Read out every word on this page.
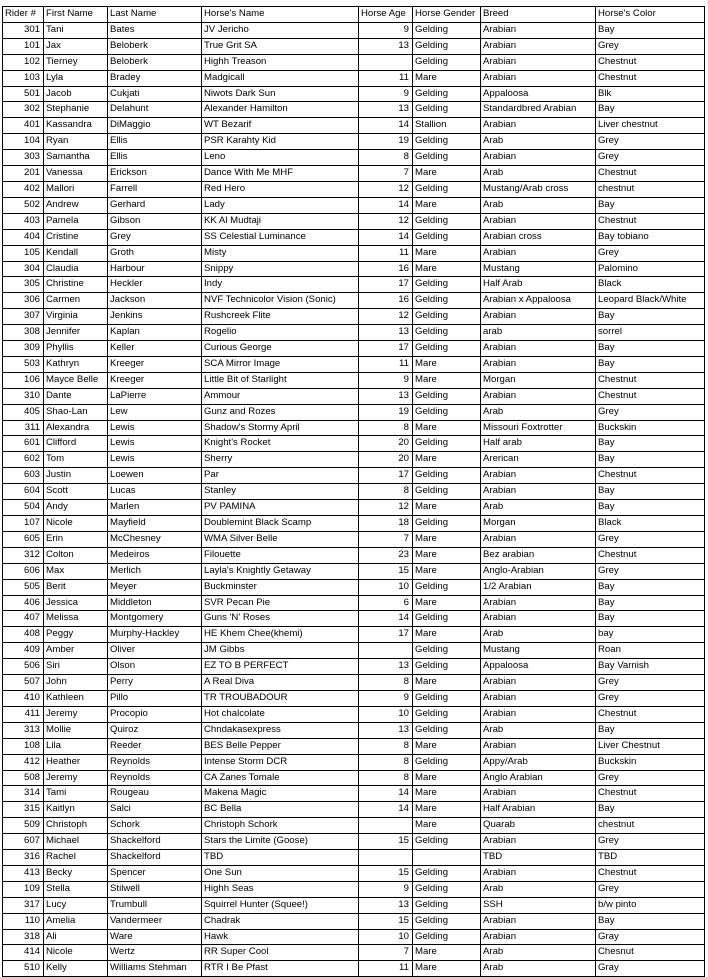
Rider #	First Name	Last Name	Horse's Name	Horse Age	Horse Gender	Breed	Horse's Color
301	Tani	Bates	JV Jericho	9	Gelding	Arabian	Bay
101	Jax	Beloberk	True Grit SA	13	Gelding	Arabian	Grey
102	Tierney	Beloberk	Highh Treason		Gelding	Arabian	Chestnut
103	Lyla	Bradey	Madgicall	11	Mare	Arabian	Chestnut
501	Jacob	Cukjati	Niwots Dark Sun	9	Gelding	Appaloosa	Blk
302	Stephanie	Delahunt	Alexander Hamilton	13	Gelding	Standardbred Arabian	Bay
401	Kassandra	DiMaggio	WT Bezarif	14	Stallion	Arabian	Liver chestnut
104	Ryan	Ellis	PSR Karahty Kid	19	Gelding	Arab	Grey
303	Samantha	Ellis	Leno	8	Gelding	Arabian	Grey
201	Vanessa	Erickson	Dance With Me MHF	7	Mare	Arab	Chestnut
402	Mallori	Farrell	Red Hero	12	Gelding	Mustang/Arab cross	chestnut
502	Andrew	Gerhard	Lady	14	Mare	Arab	Bay
403	Pamela	Gibson	KK Al Mudtaji	12	Gelding	Arabian	Chestnut
404	Cristine	Grey	SS Celestial Luminance	14	Gelding	Arabian cross	Bay tobiano
105	Kendall	Groth	Misty	11	Mare	Arabian	Grey
304	Claudia	Harbour	Snippy	16	Mare	Mustang	Palomino
305	Christine	Heckler	Indy	17	Gelding	Half Arab	Black
306	Carmen	Jackson	NVF Technicolor Vision (Sonic)	16	Gelding	Arabian x Appaloosa	Leopard Black/White
307	Virginia	Jenkins	Rushcreek Flite	12	Gelding	Arabian	Bay
308	Jennifer	Kaplan	Rogelio	13	Gelding	arab	sorrel
309	Phyllis	Keller	Curious George	17	Gelding	Arabian	Bay
503	Kathryn	Kreeger	SCA Mirror Image	11	Mare	Arabian	Bay
106	Mayce Belle	Kreeger	Little Bit of Starlight	9	Mare	Morgan	Chestnut
310	Dante	LaPierre	Ammour	13	Gelding	Arabian	Chestnut
405	Shao-Lan	Lew	Gunz and Rozes	19	Gelding	Arab	Grey
311	Alexandra	Lewis	Shadow's Stormy April	8	Mare	Missouri Foxtrotter	Buckskin
601	Clifford	Lewis	Knight's Rocket	20	Gelding	Half arab	Bay
602	Tom	Lewis	Sherry	20	Mare	Arerican	Bay
603	Justin	Loewen	Par	17	Gelding	Arabian	Chestnut
604	Scott	Lucas	Stanley	8	Gelding	Arabian	Bay
504	Andy	Marlen	PV PAMINA	12	Mare	Arab	Bay
107	Nicole	Mayfield	Doublemint Black Scamp	18	Gelding	Morgan	Black
605	Erin	McChesney	WMA Silver Belle	7	Mare	Arabian	Grey
312	Colton	Medeiros	Filouette	23	Mare	Bez arabian	Chestnut
606	Max	Merlich	Layla's Knightly Getaway	15	Mare	Anglo-Arabian	Grey
505	Berit	Meyer	Buckminster	10	Gelding	1/2 Arabian	Bay
406	Jessica	Middleton	SVR Pecan Pie	6	Mare	Arabian	Bay
407	Melissa	Montgomery	Guns 'N' Roses	14	Gelding	Arabian	Bay
408	Peggy	Murphy-Hackley	HE Khem Chee(khemi)	17	Mare	Arab	bay
409	Amber	Oliver	JM Gibbs		Gelding	Mustang	Roan
506	Siri	Olson	EZ TO B PERFECT	13	Gelding	Appaloosa	Bay Varnish
507	John	Perry	A Real Diva	8	Mare	Arabian	Grey
410	Kathleen	Pillo	TR TROUBADOUR	9	Gelding	Arabian	Grey
411	Jeremy	Procopio	Hot chalcolate	10	Gelding	Arabian	Chestnut
313	Mollie	Quiroz	Chndakasexpress	13	Gelding	Arab	Bay
108	Lila	Reeder	BES Belle Pepper	8	Mare	Arabian	Liver Chestnut
412	Heather	Reynolds	Intense Storm DCR	8	Gelding	Appy/Arab	Buckskin
508	Jeremy	Reynolds	CA Zanes Tomale	8	Mare	Anglo Arabian	Grey
314	Tami	Rougeau	Makena Magic	14	Mare	Arabian	Chestnut
315	Kaitlyn	Salci	BC Bella	14	Mare	Half Arabian	Bay
509	Christoph	Schork	Christoph Schork		Mare	Quarab	chestnut
607	Michael	Shackelford	Stars the Limite (Goose)	15	Gelding	Arabian	Grey
316	Rachel	Shackelford	TBD			TBD	TBD
413	Becky	Spencer	One Sun	15	Gelding	Arabian	Chestnut
109	Stella	Stilwell	Highh Seas	9	Gelding	Arab	Grey
317	Lucy	Trumbull	Squirrel Hunter (Squee!)	13	Gelding	SSH	b/w pinto
110	Amelia	Vandermeer	Chadrak	15	Gelding	Arabian	Bay
318	Ali	Ware	Hawk	10	Gelding	Arabian	Gray
414	Nicole	Wertz	RR Super Cool	7	Mare	Arab	Chesnut
510	Kelly	Williams Stehman	RTR I Be Pfast	11	Mare	Arab	Gray
